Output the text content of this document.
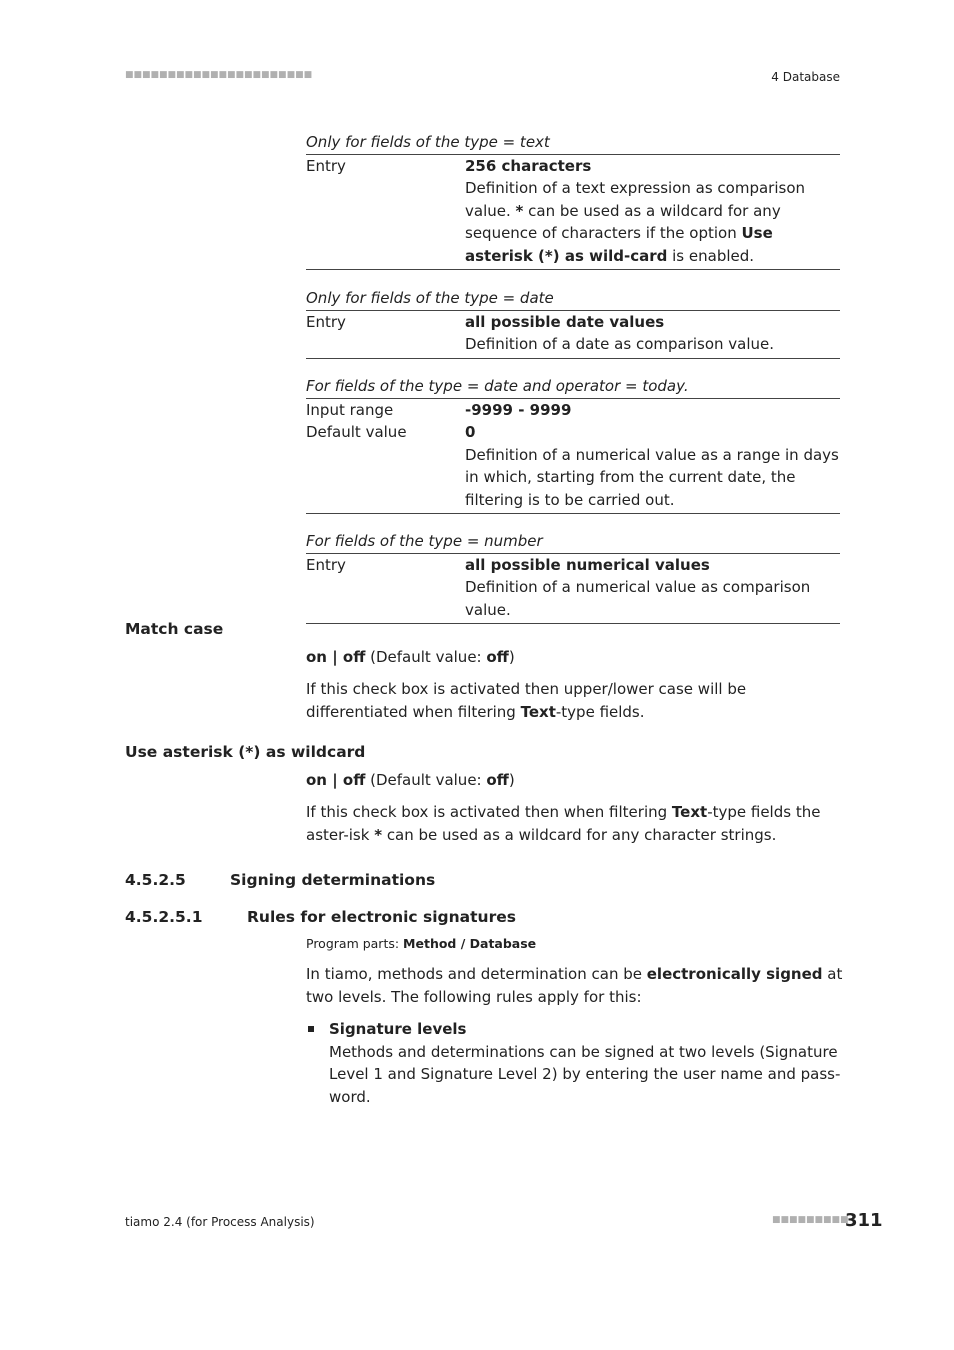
■■■■■■■■■■■■■■■■■■■■■■	4 Database
Only for fields of the type = text
Entry	256 characters
Definition of a text expression as comparison value. * can be used as a wildcard for any sequence of characters if the option Use asterisk (*) as wild-card is enabled.
Only for fields of the type = date
Entry	all possible date values
Definition of a date as comparison value.
For fields of the type = date and operator = today.
Input range	-9999 - 9999
Default value	0
Definition of a numerical value as a range in days in which, starting from the current date, the filtering is to be carried out.
For fields of the type = number
Entry	all possible numerical values
Definition of a numerical value as comparison value.
Match case
on | off (Default value: off)
If this check box is activated then upper/lower case will be differentiated when filtering Text-type fields.
Use asterisk (*) as wildcard
on | off (Default value: off)
If this check box is activated then when filtering Text-type fields the aster-isk * can be used as a wildcard for any character strings.
4.5.2.5	Signing determinations
4.5.2.5.1	Rules for electronic signatures
Program parts: Method / Database
In tiamo, methods and determination can be electronically signed at two levels. The following rules apply for this:
Signature levels
Methods and determinations can be signed at two levels (Signature Level 1 and Signature Level 2) by entering the user name and pass-word.
tiamo 2.4 (for Process Analysis)	■■■■■■■■■
311
